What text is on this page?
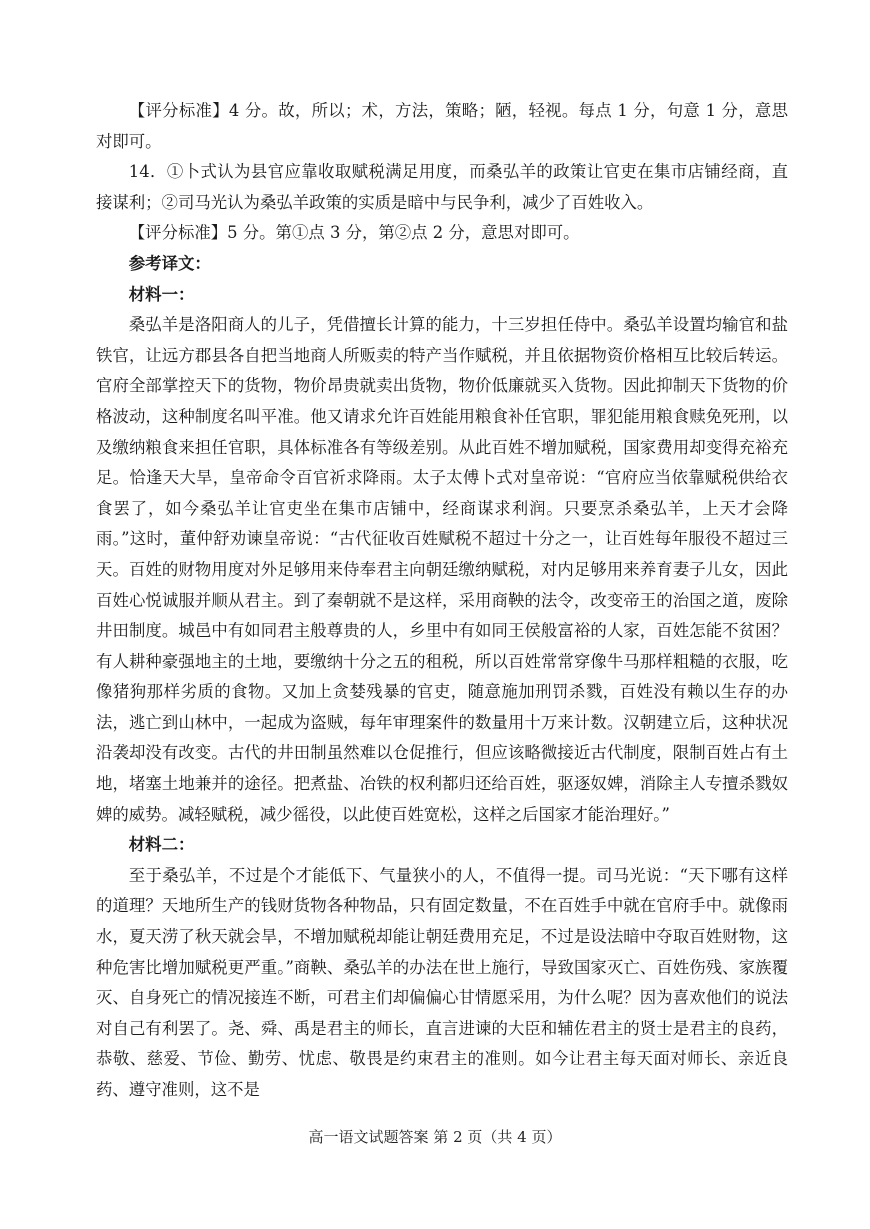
【评分标准】4 分。故，所以；术，方法，策略；陋，轻视。每点 1 分，句意 1 分，意思对即可。

14．①卜式认为县官应靠收取赋税满足用度，而桑弘羊的政策让官吏在集市店铺经商，直接谋利；②司马光认为桑弘羊政策的实质是暗中与民争利，减少了百姓收入。

【评分标准】5 分。第①点 3 分，第②点 2 分，意思对即可。

参考译文：

材料一：

桑弘羊是洛阳商人的儿子，凭借擅长计算的能力，十三岁担任侍中。桑弘羊设置均输官和盐铁官，让远方郡县各自把当地商人所贩卖的特产当作赋税，并且依据物资价格相互比较后转运。官府全部掌控天下的货物，物价昂贵就卖出货物，物价低廉就买入货物。因此抑制天下货物的价格波动，这种制度名叫平准。他又请求允许百姓能用粮食补任官职，罪犯能用粮食赎免死刑，以及缴纳粮食来担任官职，具体标准各有等级差别。从此百姓不增加赋税，国家费用却变得充裕充足。恰逢天大旱，皇帝命令百官祈求降雨。太子太傅卜式对皇帝说：“官府应当依靠赋税供给衣食罢了，如今桑弘羊让官吏坐在集市店铺中，经商谋求利润。只要烹杀桑弘羊，上天才会降雨。”这时，董仲舒劝谏皇帝说：“古代征收百姓赋税不超过十分之一，让百姓每年服役不超过三天。百姓的财物用度对外足够用来侍奉君主向朝廷缴纳赋税，对内足够用来养育妻子儿女，因此百姓心悦诚服并顺从君主。到了秦朝就不是这样，采用商鞅的法令，改变帝王的治国之道，废除井田制度。城邑中有如同君主般尊贵的人，乡里中有如同王侯般富裕的人家，百姓怎能不贫困？有人耕种豪强地主的土地，要缴纳十分之五的租税，所以百姓常常穿像牛马那样粗糙的衣服，吃像猪狗那样劣质的食物。又加上贪婪残暴的官吏，随意施加刑罚杀戮，百姓没有赖以生存的办法，逃亡到山林中，一起成为盗贼，每年审理案件的数量用十万来计数。汉朝建立后，这种状况沿袭却没有改变。古代的井田制虽然难以仓促推行，但应该略微接近古代制度，限制百姓占有土地，堵塞土地兼并的途径。把煮盐、冶铁的权利都归还给百姓，驱逐奴婢，消除主人专擅杀戮奴婢的威势。减轻赋税，减少徭役，以此使百姓宽松，这样之后国家才能治理好。”

材料二：

至于桑弘羊，不过是个才能低下、气量狭小的人，不值得一提。司马光说：“天下哪有这样的道理？天地所生产的钱财货物各种物品，只有固定数量，不在百姓手中就在官府手中。就像雨水，夏天涝了秋天就会旱，不增加赋税却能让朝廷费用充足，不过是设法暗中夺取百姓财物，这种危害比增加赋税更严重。”商鞅、桑弘羊的办法在世上施行，导致国家灭亡、百姓伤残、家族覆灭、自身死亡的情况接连不断，可君主们却偏偏心甘情愿采用，为什么呢？因为喜欢他们的说法对自己有利罢了。尧、舜、禹是君主的师长，直言进谏的大臣和辅佐君主的贤士是君主的良药，恭敬、慈爱、节俭、勤劳、忧虑、敬畏是约束君主的准则。如今让君主每天面对师长、亲近良药、遵守准则，这不是

高一语文试题答案 第 2 页（共 4 页）
